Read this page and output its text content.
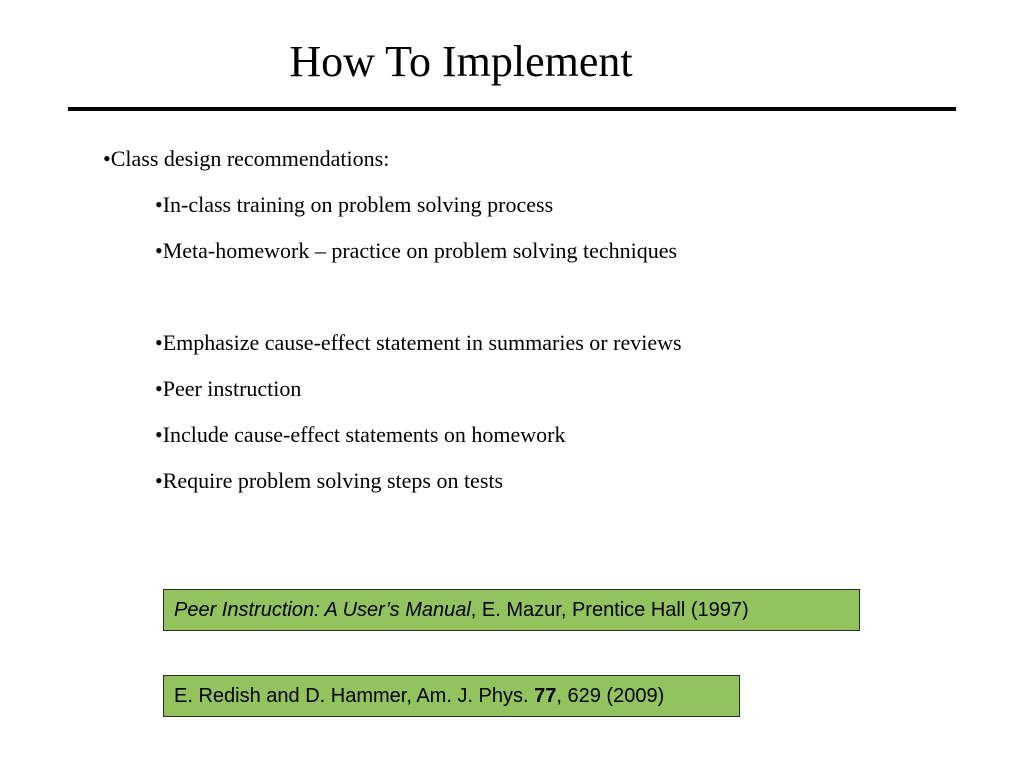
How To Implement
•Class design recommendations:
•In-class training on problem solving process
•Meta-homework – practice on problem solving techniques
•Emphasize cause-effect statement in summaries or reviews
•Peer instruction
•Include cause-effect statements on homework
•Require problem solving steps on tests
Peer Instruction: A User’s Manual, E. Mazur, Prentice Hall (1997)
E. Redish and D. Hammer, Am. J. Phys. 77, 629 (2009)
